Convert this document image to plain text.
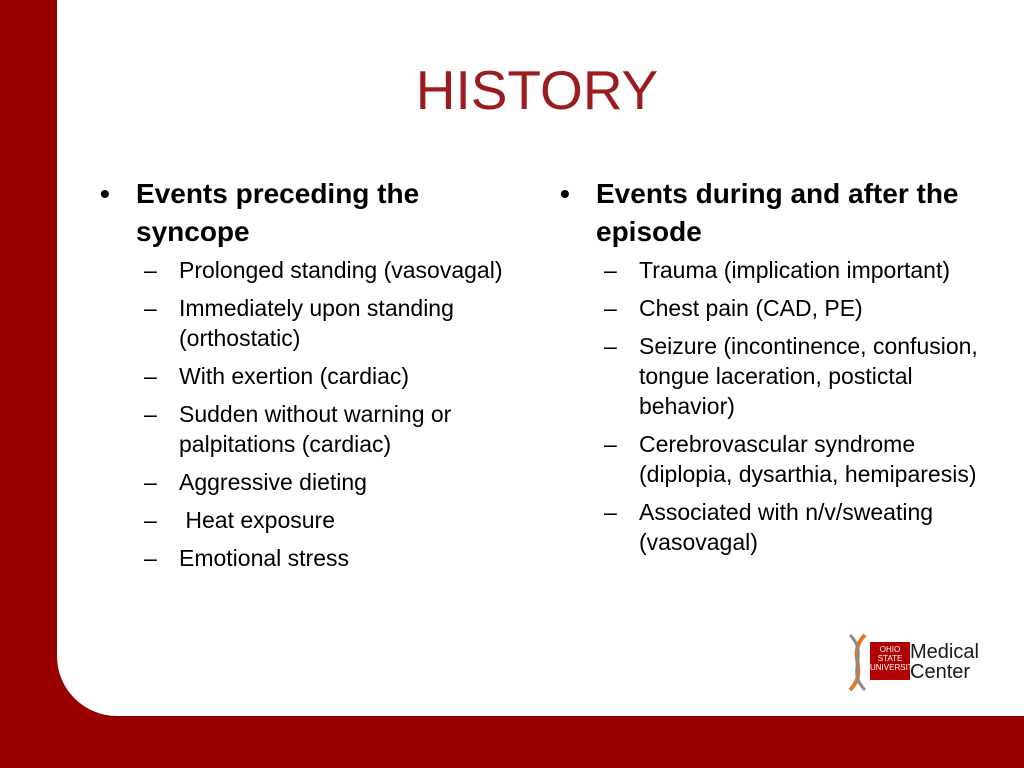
HISTORY
• Events preceding the syncope
– Prolonged standing (vasovagal)
– Immediately upon standing (orthostatic)
– With exertion (cardiac)
– Sudden without warning or palpitations (cardiac)
– Aggressive dieting
– Heat exposure
– Emotional stress
• Events during and after the episode
– Trauma (implication important)
– Chest pain (CAD, PE)
– Seizure (incontinence, confusion, tongue laceration, postictal behavior)
– Cerebrovascular syndrome (diplopia, dysarthia, hemiparesis)
– Associated with n/v/sweating (vasovagal)
OHIO STATE UNIVERSITY
Medical
Center
